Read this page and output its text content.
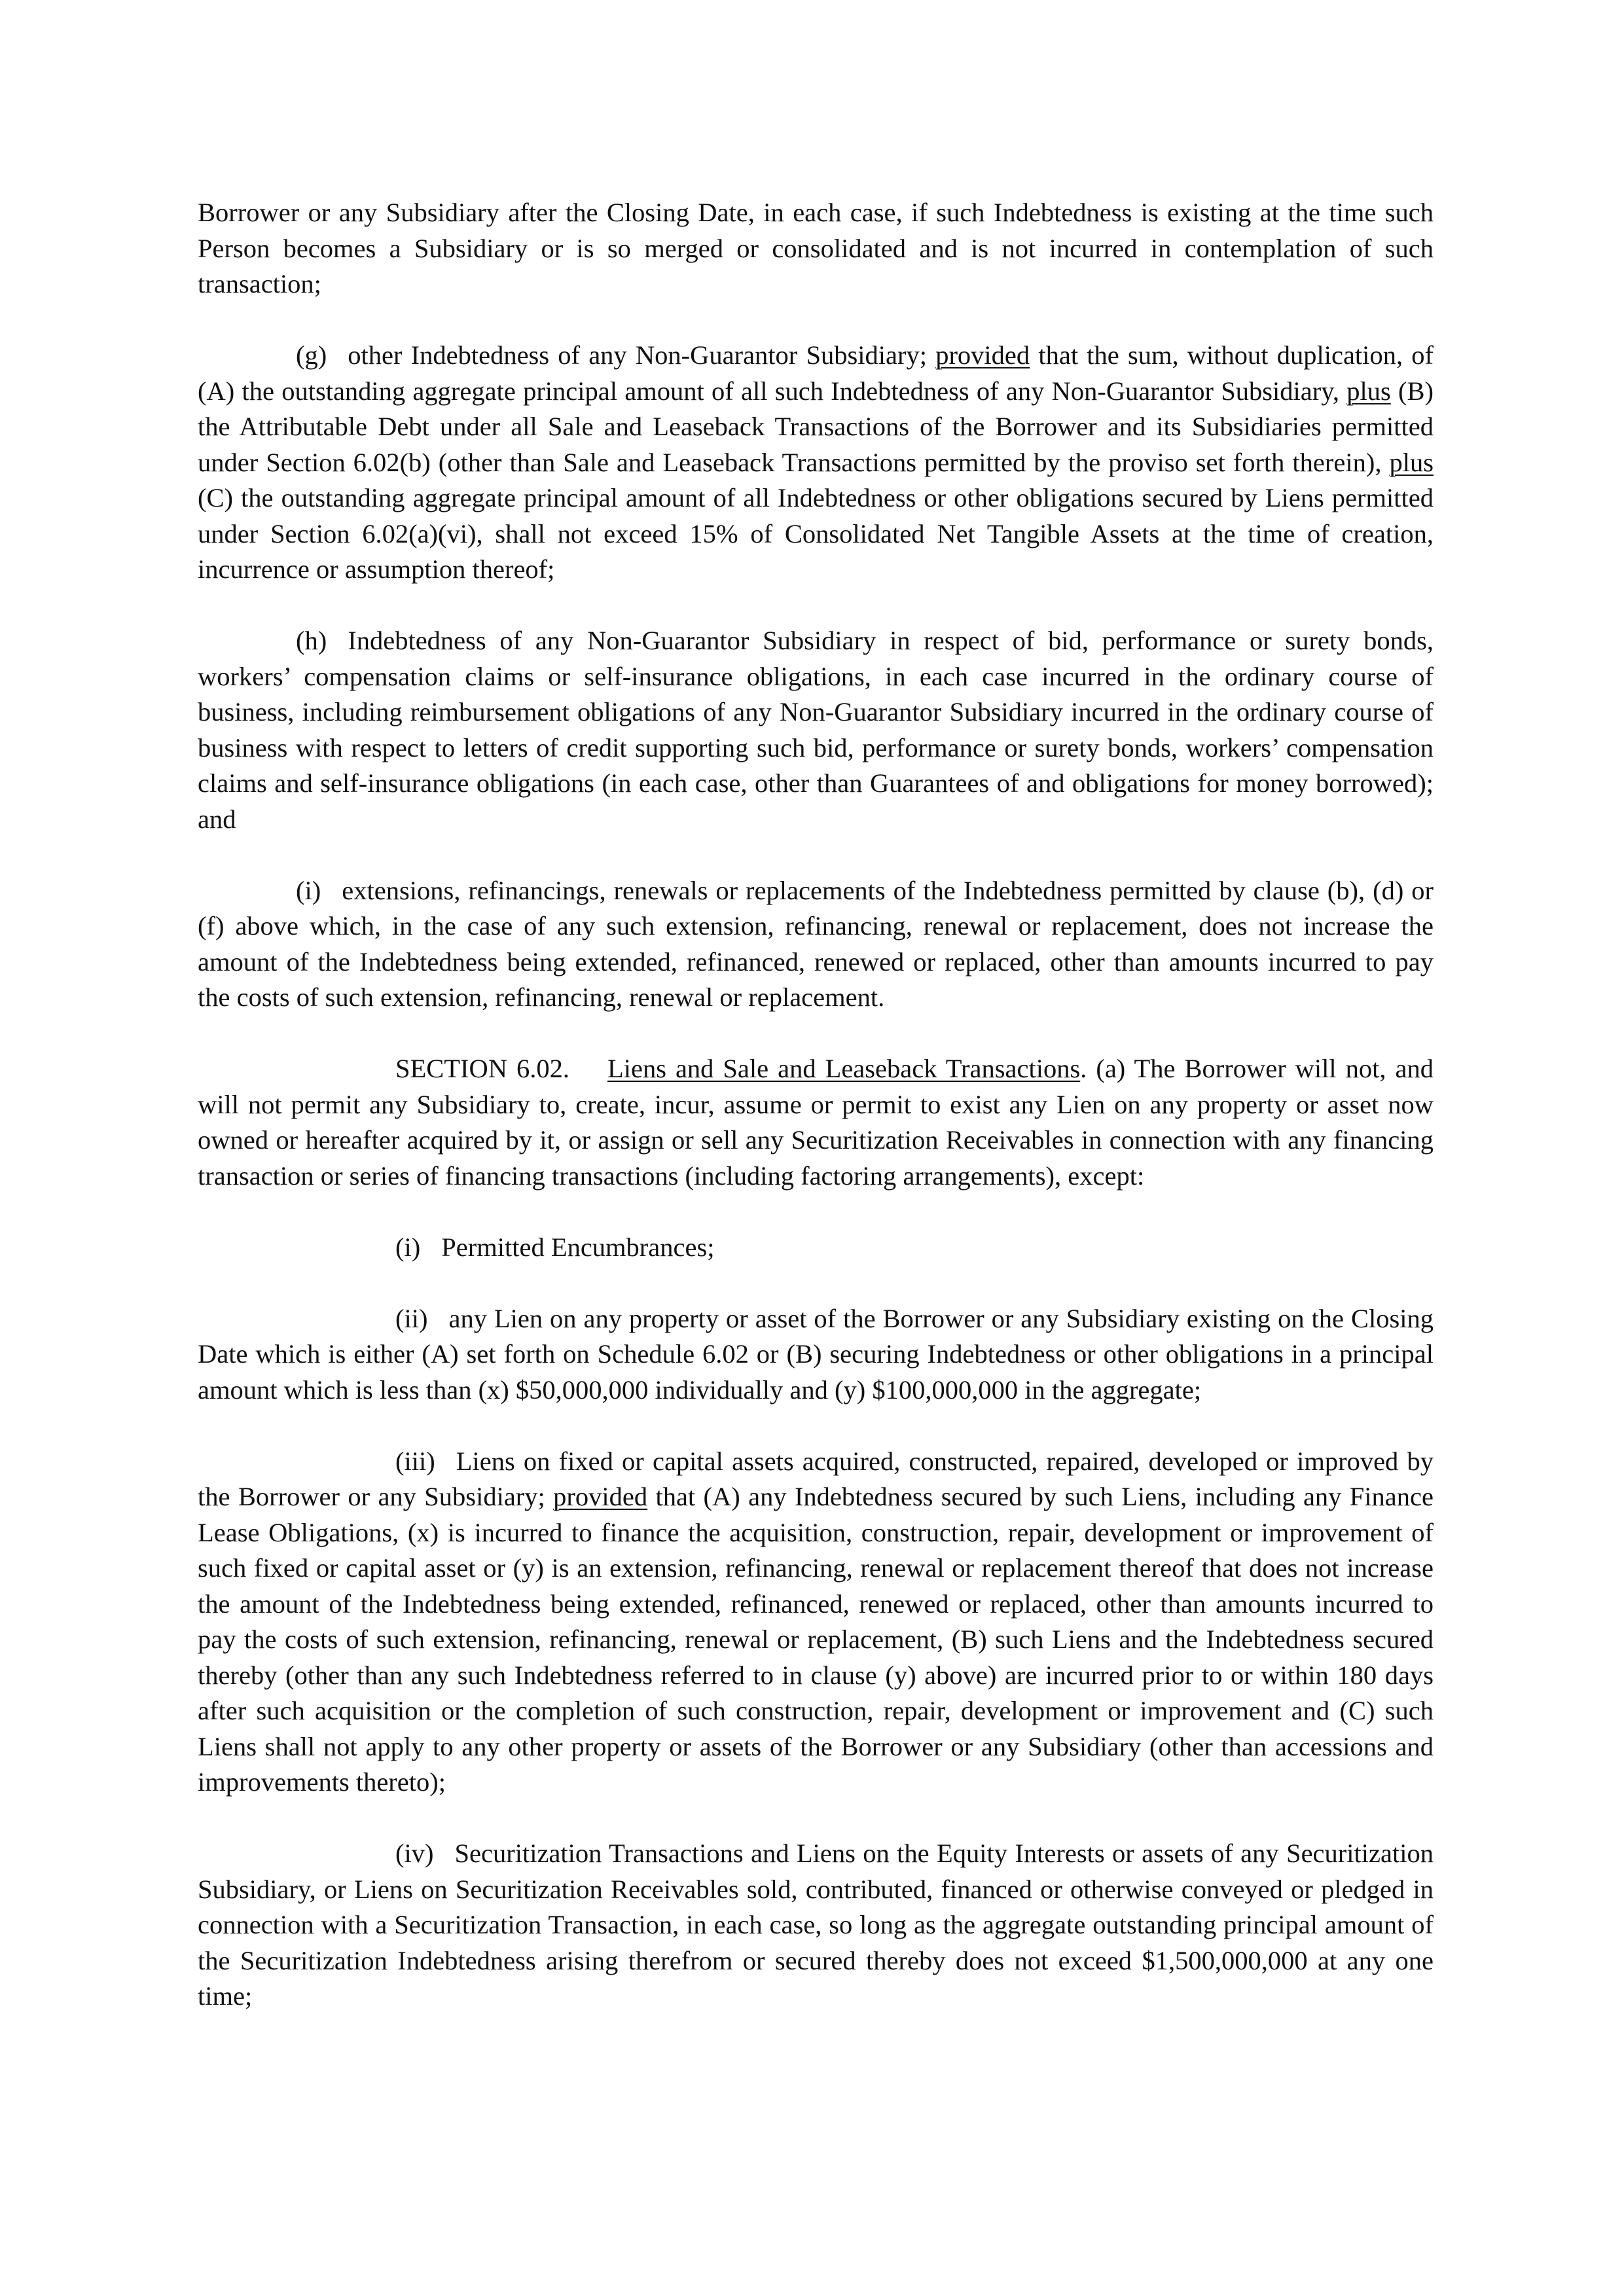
Borrower or any Subsidiary after the Closing Date, in each case, if such Indebtedness is existing at the time such Person becomes a Subsidiary or is so merged or consolidated and is not incurred in contemplation of such transaction;

(g) other Indebtedness of any Non-Guarantor Subsidiary; provided that the sum, without duplication, of (A) the outstanding aggregate principal amount of all such Indebtedness of any Non-Guarantor Subsidiary, plus (B) the Attributable Debt under all Sale and Leaseback Transactions of the Borrower and its Subsidiaries permitted under Section 6.02(b) (other than Sale and Leaseback Transactions permitted by the proviso set forth therein), plus (C) the outstanding aggregate principal amount of all Indebtedness or other obligations secured by Liens permitted under Section 6.02(a)(vi), shall not exceed 15% of Consolidated Net Tangible Assets at the time of creation, incurrence or assumption thereof;

(h) Indebtedness of any Non-Guarantor Subsidiary in respect of bid, performance or surety bonds, workers’ compensation claims or self-insurance obligations, in each case incurred in the ordinary course of business, including reimbursement obligations of any Non-Guarantor Subsidiary incurred in the ordinary course of business with respect to letters of credit supporting such bid, performance or surety bonds, workers’ compensation claims and self-insurance obligations (in each case, other than Guarantees of and obligations for money borrowed); and

(i) extensions, refinancings, renewals or replacements of the Indebtedness permitted by clause (b), (d) or (f) above which, in the case of any such extension, refinancing, renewal or replacement, does not increase the amount of the Indebtedness being extended, refinanced, renewed or replaced, other than amounts incurred to pay the costs of such extension, refinancing, renewal or replacement.

SECTION 6.02. Liens and Sale and Leaseback Transactions. (a) The Borrower will not, and will not permit any Subsidiary to, create, incur, assume or permit to exist any Lien on any property or asset now owned or hereafter acquired by it, or assign or sell any Securitization Receivables in connection with any financing transaction or series of financing transactions (including factoring arrangements), except:

(i) Permitted Encumbrances;

(ii) any Lien on any property or asset of the Borrower or any Subsidiary existing on the Closing Date which is either (A) set forth on Schedule 6.02 or (B) securing Indebtedness or other obligations in a principal amount which is less than (x) $50,000,000 individually and (y) $100,000,000 in the aggregate;

(iii) Liens on fixed or capital assets acquired, constructed, repaired, developed or improved by the Borrower or any Subsidiary; provided that (A) any Indebtedness secured by such Liens, including any Finance Lease Obligations, (x) is incurred to finance the acquisition, construction, repair, development or improvement of such fixed or capital asset or (y) is an extension, refinancing, renewal or replacement thereof that does not increase the amount of the Indebtedness being extended, refinanced, renewed or replaced, other than amounts incurred to pay the costs of such extension, refinancing, renewal or replacement, (B) such Liens and the Indebtedness secured thereby (other than any such Indebtedness referred to in clause (y) above) are incurred prior to or within 180 days after such acquisition or the completion of such construction, repair, development or improvement and (C) such Liens shall not apply to any other property or assets of the Borrower or any Subsidiary (other than accessions and improvements thereto);

(iv) Securitization Transactions and Liens on the Equity Interests or assets of any Securitization Subsidiary, or Liens on Securitization Receivables sold, contributed, financed or otherwise conveyed or pledged in connection with a Securitization Transaction, in each case, so long as the aggregate outstanding principal amount of the Securitization Indebtedness arising therefrom or secured thereby does not exceed $1,500,000,000 at any one time;
